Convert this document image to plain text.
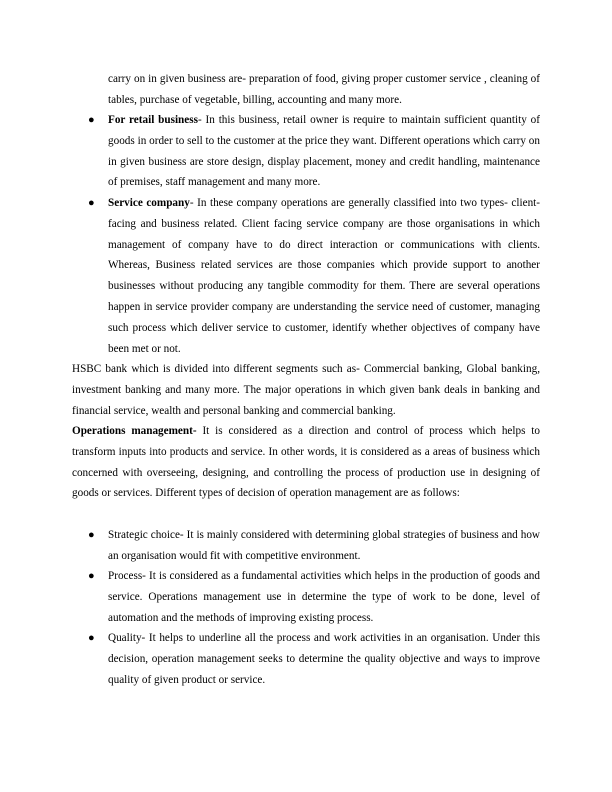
carry on in given business are- preparation of food, giving proper customer service , cleaning of tables, purchase of vegetable, billing, accounting and many more.

● For retail business- In this business, retail owner is require to maintain sufficient quantity of goods in order to sell to the customer at the price they want. Different operations which carry on in given business are store design, display placement, money and credit handling, maintenance of premises, staff management and many more.

● Service company- In these company operations are generally classified into two types- client-facing and business related. Client facing service company are those organisations in which management of company have to do direct interaction or communications with clients. Whereas, Business related services are those companies which provide support to another businesses without producing any tangible commodity for them. There are several operations happen in service provider company are understanding the service need of customer, managing such process which deliver service to customer, identify whether objectives of company have been met or not.

HSBC bank which is divided into different segments such as- Commercial banking, Global banking, investment banking and many more. The major operations in which given bank deals in banking and financial service, wealth and personal banking and commercial banking.

Operations management- It is considered as a direction and control of process which helps to transform inputs into products and service. In other words, it is considered as a areas of business which concerned with overseeing, designing, and controlling the process of production use in designing of goods or services. Different types of decision of operation management are as follows:

● Strategic choice- It is mainly considered with determining global strategies of business and how an organisation would fit with competitive environment.

● Process- It is considered as a fundamental activities which helps in the production of goods and service. Operations management use in determine the type of work to be done, level of automation and the methods of improving existing process.

● Quality- It helps to underline all the process and work activities in an organisation. Under this decision, operation management seeks to determine the quality objective and ways to improve quality of given product or service.
